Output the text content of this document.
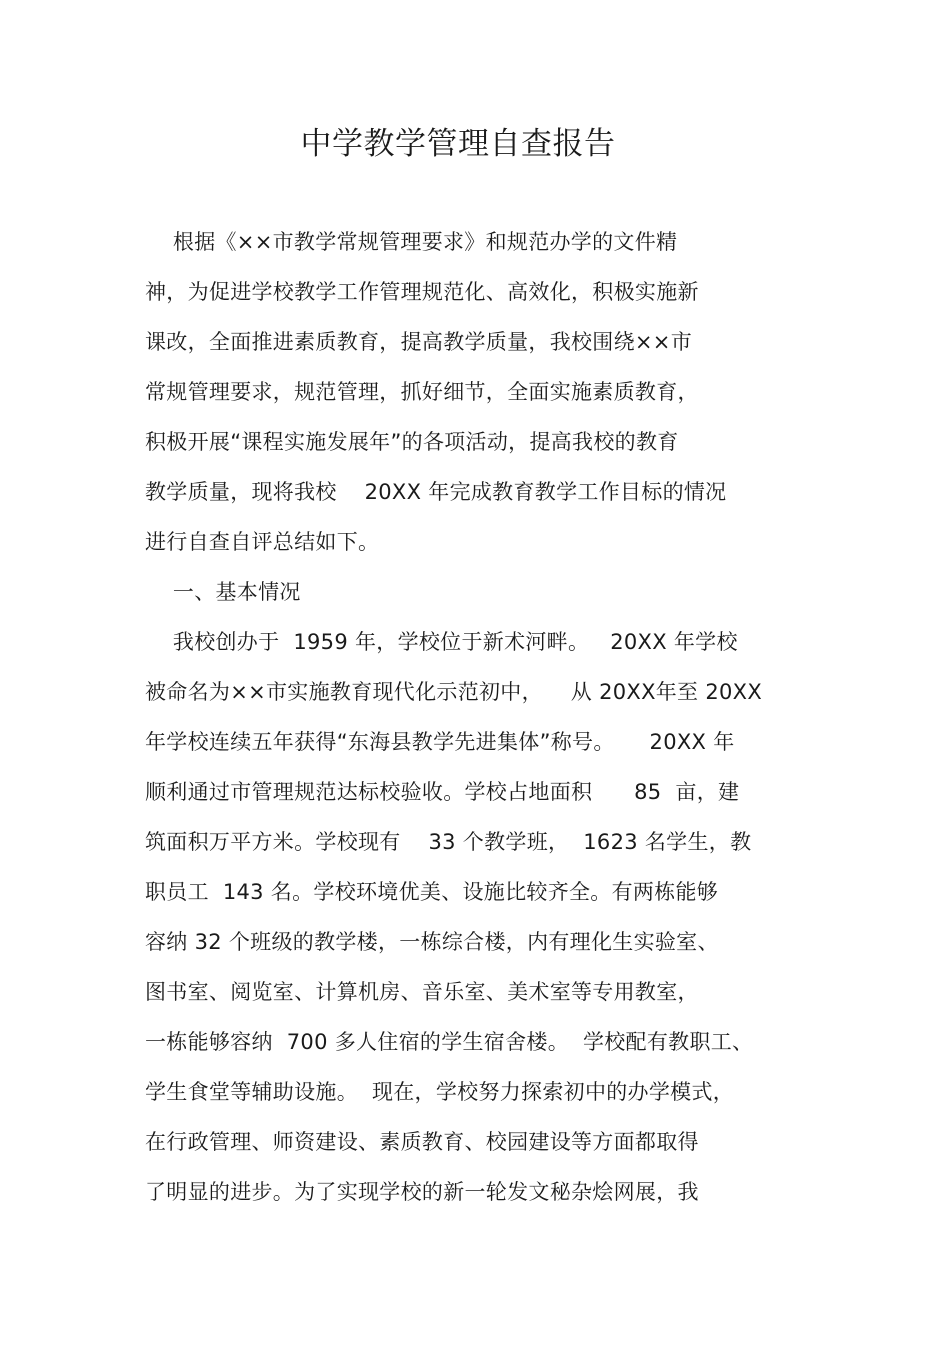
中学教学管理自查报告
根据《××市教学常规管理要求》和规范办学的文件精
神，为促进学校教学工作管理规范化、高效化，积极实施新
课改，全面推进素质教育，提高教学质量，我校围绕××市
常规管理要求，规范管理，抓好细节，全面实施素质教育，
积极开展“课程实施发展年”的各项活动，提高我校的教育
教学质量，现将我校    20XX 年完成教育教学工作目标的情况
进行自查自评总结如下。
一、基本情况
我校创办于  1959 年，学校位于新术河畔。   20XX 年学校
被命名为××市实施教育现代化示范初中，    从 20XX年至 20XX
年学校连续五年获得“东海县教学先进集体”称号。     20XX 年
顺利通过市管理规范达标校验收。学校占地面积      85  亩，建
筑面积万平方米。学校现有    33 个教学班，  1623 名学生，教
职员工  143 名。学校环境优美、设施比较齐全。有两栋能够
容纳 32 个班级的教学楼，一栋综合楼，内有理化生实验室、
图书室、阅览室、计算机房、音乐室、美术室等专用教室，
一栋能够容纳  700 多人住宿的学生宿舍楼。  学校配有教职工、
学生食堂等辅助设施。  现在，学校努力探索初中的办学模式，
在行政管理、师资建设、素质教育、校园建设等方面都取得
了明显的进步。为了实现学校的新一轮发文秘杂烩网展，我
